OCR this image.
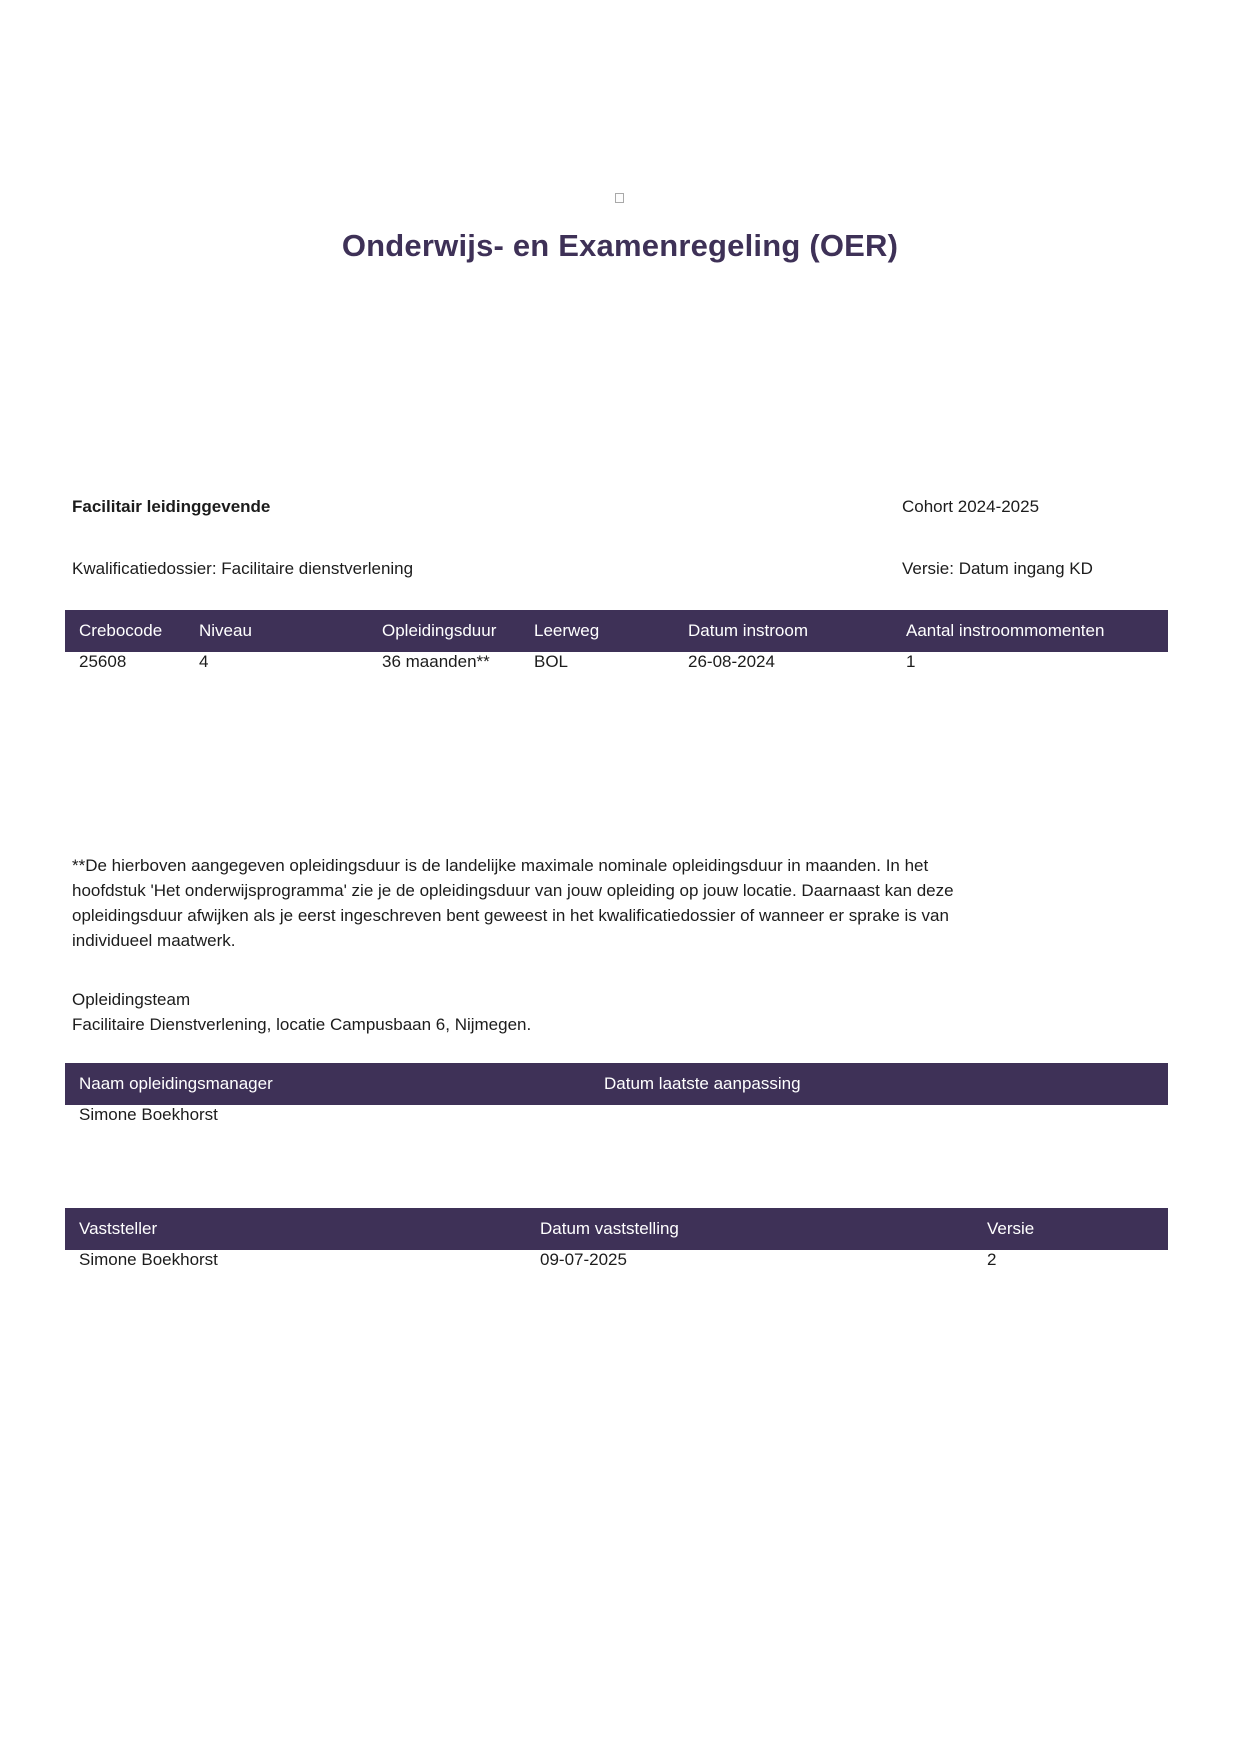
Onderwijs- en Examenregeling (OER)
Facilitair leidinggevende	Cohort 2024-2025
Kwalificatiedossier: Facilitaire dienstverlening	Versie: Datum ingang KD
Crebocode	Niveau	Opleidingsduur	Leerweg	Datum instroom	Aantal instroommomenten
25608	4	36 maanden**	BOL	26-08-2024	1
**De hierboven aangegeven opleidingsduur is de landelijke maximale nominale opleidingsduur in maanden. In het
hoofdstuk 'Het onderwijsprogramma' zie je de opleidingsduur van jouw opleiding op jouw locatie. Daarnaast kan deze
opleidingsduur afwijken als je eerst ingeschreven bent geweest in het kwalificatiedossier of wanneer er sprake is van
individueel maatwerk.
Opleidingsteam
Facilitaire Dienstverlening, locatie Campusbaan 6, Nijmegen.
Naam opleidingsmanager	Datum laatste aanpassing
Simone Boekhorst	
Vaststeller	Datum vaststelling	Versie
Simone Boekhorst	09-07-2025	2
